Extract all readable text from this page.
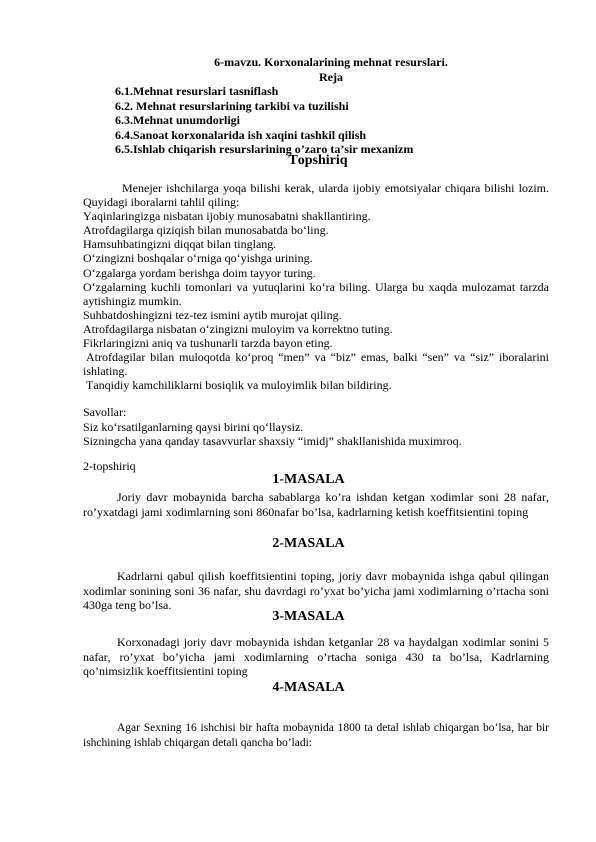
6-mavzu. Korxonalarining mehnat resurslari.
Reja
6.1.Mehnat resurslari tasniflash
6.2. Mehnat resurslarining tarkibi va tuzilishi
6.3.Mehnat unumdorligi
6.4.Sanoat korxonalarida ish xaqini tashkil qilish
6.5.Ishlab chiqarish resurslarining o’zaro ta’sir mexanizm
Topshiriq
Menejer ishchilarga yoqa bilishi kerak, ularda ijobiy emotsiyalar chiqara bilishi lozim. Quyidagi iboralarni tahlil qiling:
Yaqinlaringizga nisbatan ijobiy munosabatni shakllantiring.
Atrofdagilarga qiziqish bilan munosabatda bo‘ling.
Hamsuhbatingizni diqqat bilan tinglang.
O‘zingizni boshqalar o‘rniga qo‘yishga urining.
O‘zgalarga yordam berishga doim tayyor turing.
O‘zgalarning kuchli tomonlari va yutuqlarini ko‘ra biling. Ularga bu xaqda mulozamat tarzda aytishingiz mumkin.
Suhbatdoshingizni tez-tez ismini aytib murojat qiling.
Atrofdagilarga nisbatan o‘zingizni muloyim va korrektno tuting.
Fikrlaringizni aniq va tushunarli tarzda bayon eting.
Atrofdagilar bilan muloqotda ko‘proq “men” va “biz” emas, balki “sen” va “siz” iboralarini ishlating.
Tanqidiy kamchiliklarni bosiqlik va muloyimlik bilan bildiring.
Savollar:
Siz ko‘rsatilganlarning qaysi birini qo‘llaysiz.
Sizningcha yana qanday tasavvurlar shaxsiy “imidj” shakllanishida muximroq.
2-topshiriq
1-MASALA
Joriy davr mobaynida barcha sabablarga ko’ra ishdan ketgan xodimlar soni 28 nafar, ro’yxatdagi jami xodimlarning soni 860nafar bo’lsa, kadrlarning ketish koeffitsientini toping
2-MASALA
Kadrlarni qabul qilish koeffitsientini toping, joriy davr mobaynida ishga qabul qilingan xodimlar sonining soni 36 nafar, shu davrdagi ro’yxat bo’yicha jami xodimlarning o’rtacha soni 430ga teng bo’lsa.
3-MASALA
Korxonadagi joriy davr mobaynida ishdan ketganlar 28 va haydalgan xodimlar sonini 5 nafar, ro’yxat bo’yicha jami xodimlarning o’rtacha soniga 430 ta bo’lsa, Kadrlarning qo’nimsizlik koeffitsientini toping
4-MASALA
Agar Sexning 16 ishchisi bir hafta mobaynida 1800 ta detal ishlab chiqargan bo’lsa, har bir ishchining ishlab chiqargan detali qancha bo’ladi:
